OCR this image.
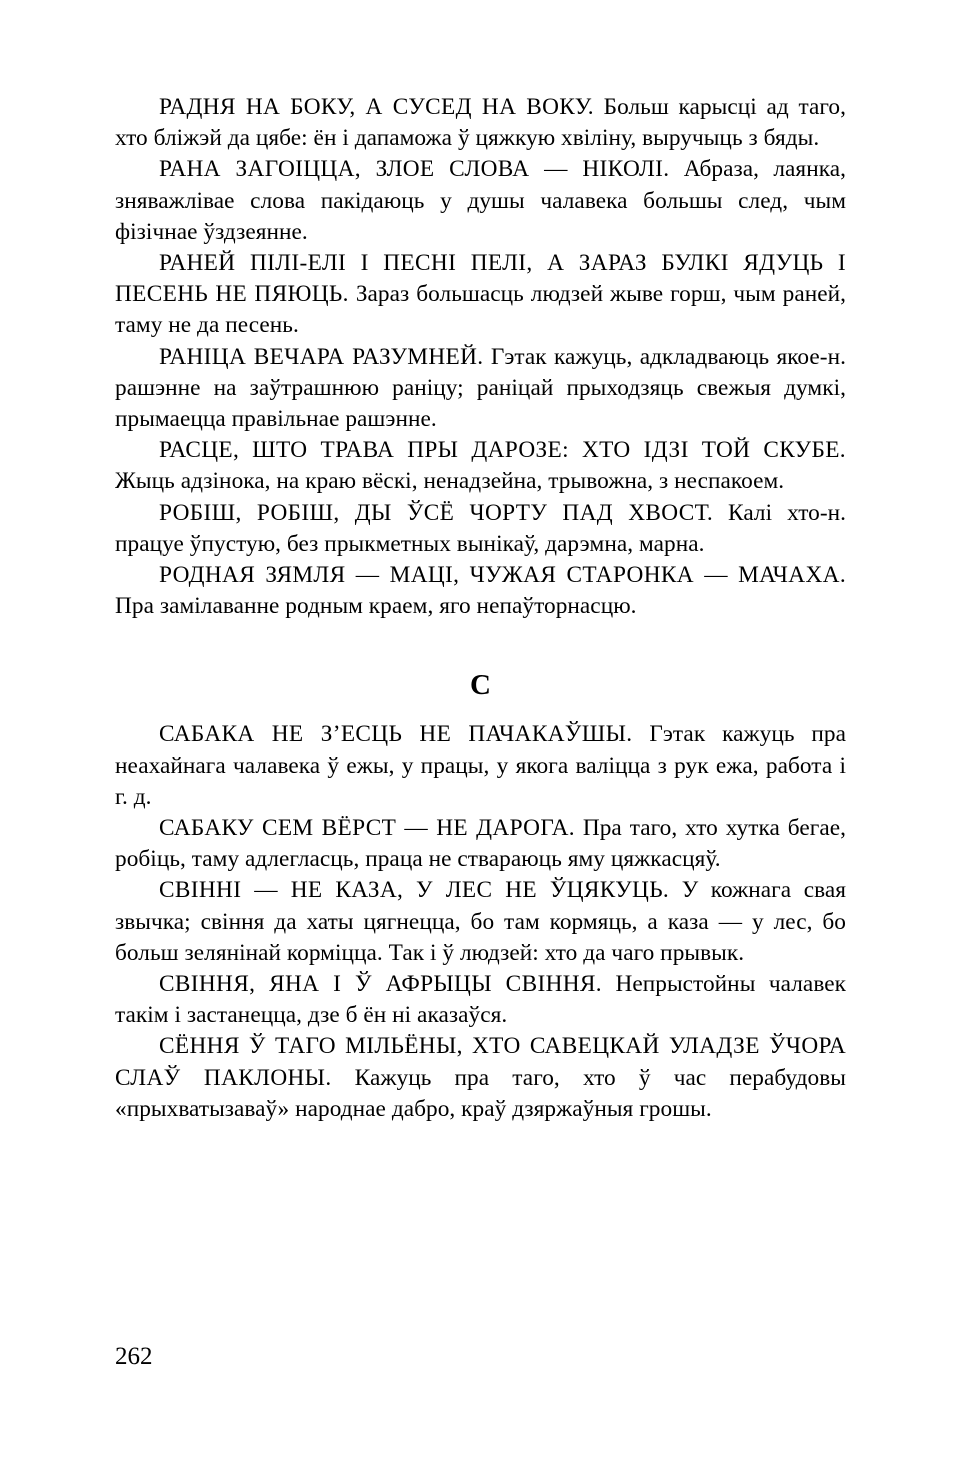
РАДНЯ НА БОКУ, А СУСЕД НА ВОКУ. Больш карысці ад таго, хто бліжэй да цябе: ён і дапаможа ў цяжкую хвіліну, выручыць з бяды.

РАНА ЗАГОІЦЦА, ЗЛОЕ СЛОВА — НІКОЛІ. Абраза, лаянка, зняважлівае слова пакідаюць у душы чалавека большы след, чым фізічнае ўздзеянне.

РАНЕЙ ПІЛІ-ЕЛІ І ПЕСНІ ПЕЛІ, А ЗАРАЗ БУЛКІ ЯДУЦЬ І ПЕСЕНЬ НЕ ПЯЮЦЬ. Зараз большасць людзей жыве горш, чым раней, таму не да песень.

РАНІЦА ВЕЧАРА РАЗУМНЕЙ. Гэтак кажуць, адкладваюць якое-н. рашэнне на заўтрашнюю раніцу; раніцай прыходзяць свежыя думкі, прымаецца правільнае рашэнне.

РАСЦЕ, ШТО ТРАВА ПРЫ ДАРОЗЕ: ХТО ІДЗІ ТОЙ СКУБЕ. Жыць адзінока, на краю вёскі, ненадзейна, трывожна, з неспакоем.

РОБІШ, РОБІШ, ДЫ ЎСЁ ЧОРТУ ПАД ХВОСТ. Калі хто-н. працуе ўпустую, без прыкметных вынікаў, дарэмна, марна.

РОДНАЯ ЗЯМЛЯ — МАЦІ, ЧУЖАЯ СТАРОНКА — МАЧАХА. Пра замілаванне родным краем, яго непаўторнасцю.

С

САБАКА НЕ З’ЕСЦЬ НЕ ПАЧАКАЎШЫ. Гэтак кажуць пра неахайнага чалавека ў ежы, у працы, у якога валіцца з рук ежа, работа і г. д.

САБАКУ СЕМ ВЁРСТ — НЕ ДАРОГА. Пра таго, хто хутка бегае, робіць, таму адлегласць, праца не ствараюць яму цяжкасцяў.

СВІННІ — НЕ КАЗА, У ЛЕС НЕ ЎЦЯКУЦЬ. У кожнага свая звычка; свіння да хаты цягнецца, бо там кормяць, а каза — у лес, бо больш зелянінай корміцца. Так і ў людзей: хто да чаго прывык.

СВІННЯ, ЯНА І Ў АФРЫЦЫ СВІННЯ. Непрыстойны чалавек такім і застанецца, дзе б ён ні аказаўся.

СЁННЯ Ў ТАГО МІЛЬЁНЫ, ХТО САВЕЦКАЙ УЛАДЗЕ ЎЧОРА СЛАЎ ПАКЛОНЫ. Кажуць пра таго, хто ў час перабудовы «прыхватызаваў» народнае дабро, краў дзяржаўныя грошы.

262
